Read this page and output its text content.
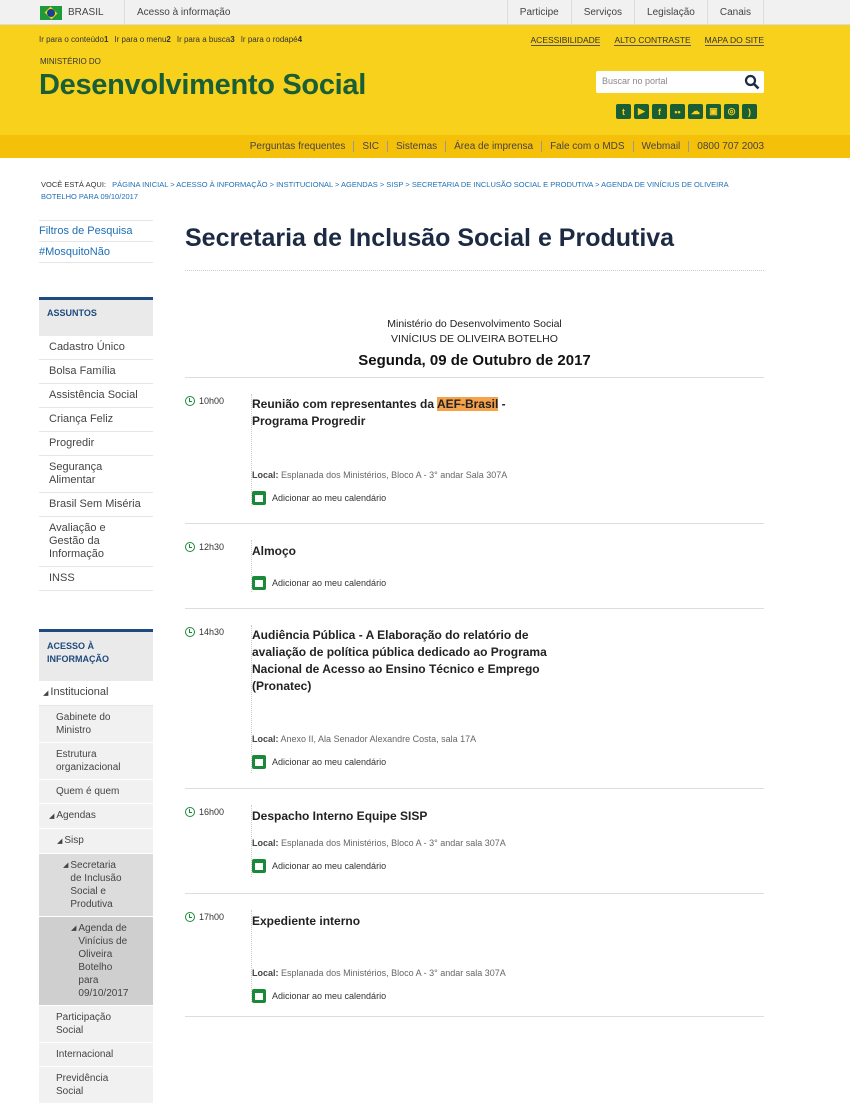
BRASIL	Acesso à informação	Participe	Serviços	Legislação	Canais
Ir para o conteúdo1 Ir para o menu2 Ir para a busca3 Ir para o rodapé4	ACESSIBILIDADE ALTO CONTRASTE MAPA DO SITE
MINISTÉRIO DO
Desenvolvimento Social	Buscar no portal
t	▶	f	••	☁	▣	◎	)
Perguntas frequentes	SIC	Sistemas	Área de imprensa	Fale com o MDS	Webmail	0800 707 2003
VOCÊ ESTÁ AQUI: PÁGINA INICIAL > ACESSO À INFORMAÇÃO > INSTITUCIONAL > AGENDAS > SISP > SECRETARIA DE INCLUSÃO SOCIAL E PRODUTIVA > AGENDA DE VINÍCIUS DE OLIVEIRA BOTELHO PARA 09/10/2017
Filtros de Pesquisa
#MosquitoNão
ASSUNTOS
Cadastro Único
Bolsa Família
Assistência Social
Criança Feliz
Progredir
Segurança Alimentar
Brasil Sem Miséria
Avaliação e Gestão da Informação
INSS
ACESSO À INFORMAÇÃO
◢ Institucional
Gabinete do Ministro
Estrutura organizacional
Quem é quem
◢ Agendas
◢ Sisp
◢ Secretaria de Inclusão Social e Produtiva
◢ Agenda de Vinícius de Oliveira Botelho para 09/10/2017
Participação Social
Internacional
Previdência Social
Secretaria de Inclusão Social e Produtiva
Ministério do Desenvolvimento Social
VINÍCIUS DE OLIVEIRA BOTELHO
Segunda, 09 de Outubro de 2017
10h00 Reunião com representantes da AEF-Brasil - Programa Progredir
Local: Esplanada dos Ministérios, Bloco A - 3° andar Sala 307A
Adicionar ao meu calendário
12h30 Almoço
Adicionar ao meu calendário
14h30 Audiência Pública - A Elaboração do relatório de avaliação de política pública dedicado ao Programa Nacional de Acesso ao Ensino Técnico e Emprego (Pronatec)
Local: Anexo II, Ala Senador Alexandre Costa, sala 17A
Adicionar ao meu calendário
16h00 Despacho Interno Equipe SISP
Local: Esplanada dos Ministérios, Bloco A - 3° andar sala 307A
Adicionar ao meu calendário
17h00 Expediente interno
Local: Esplanada dos Ministérios, Bloco A - 3° andar sala 307A
Adicionar ao meu calendário
